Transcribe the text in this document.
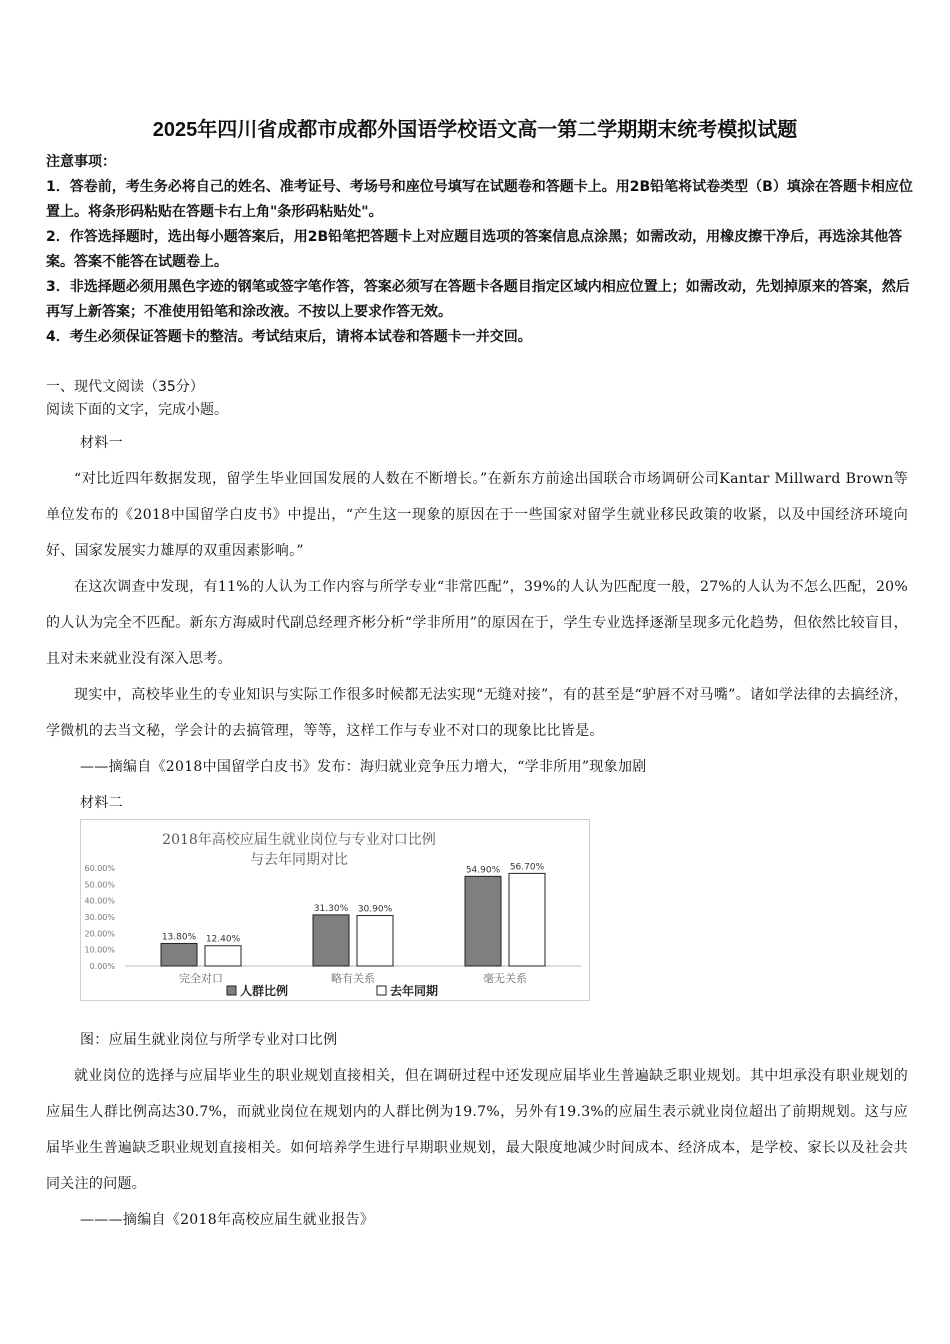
2025年四川省成都市成都外国语学校语文高一第二学期期末统考模拟试题

注意事项：

1．答卷前，考生务必将自己的姓名、准考证号、考场号和座位号填写在试题卷和答题卡上。用2B铅笔将试卷类型（B）填涂在答题卡相应位置上。将条形码粘贴在答题卡右上角"条形码粘贴处"。

2．作答选择题时，选出每小题答案后，用2B铅笔把答题卡上对应题目选项的答案信息点涂黑；如需改动，用橡皮擦干净后，再选涂其他答案。答案不能答在试题卷上。

3．非选择题必须用黑色字迹的钢笔或签字笔作答，答案必须写在答题卡各题目指定区域内相应位置上；如需改动，先划掉原来的答案，然后再写上新答案；不准使用铅笔和涂改液。不按以上要求作答无效。

4．考生必须保证答题卡的整洁。考试结束后，请将本试卷和答题卡一并交回。

一、现代文阅读（35分）

阅读下面的文字，完成小题。

材料一

“对比近四年数据发现，留学生毕业回国发展的人数在不断增长。”在新东方前途出国联合市场调研公司Kantar Millward Brown等单位发布的《2018中国留学白皮书》中提出，“产生这一现象的原因在于一些国家对留学生就业移民政策的收紧，以及中国经济环境向好、国家发展实力雄厚的双重因素影响。”

在这次调查中发现，有11%的人认为工作内容与所学专业“非常匹配”，39%的人认为匹配度一般，27%的人认为不怎么匹配，20%的人认为完全不匹配。新东方海威时代副总经理齐彬分析“学非所用”的原因在于，学生专业选择逐渐呈现多元化趋势，但依然比较盲目，且对未来就业没有深入思考。

现实中，高校毕业生的专业知识与实际工作很多时候都无法实现“无缝对接”，有的甚至是“驴唇不对马嘴”。诸如学法律的去搞经济，学微机的去当文秘，学会计的去搞管理，等等，这样工作与专业不对口的现象比比皆是。

——摘编自《2018中国留学白皮书》发布：海归就业竞争压力增大，“学非所用”现象加剧

材料二

2018年高校应届生就业岗位与专业对口比例
与去年同期对比
0.00%
10.00%
20.00%
30.00%
40.00%
50.00%
60.00%
13.80% 12.40%
完全对口
31.30% 30.90%
略有关系
54.90% 56.70%
毫无关系
人群比例	去年同期

图：应届生就业岗位与所学专业对口比例

就业岗位的选择与应届毕业生的职业规划直接相关，但在调研过程中还发现应届毕业生普遍缺乏职业规划。其中坦承没有职业规划的应届生人群比例高达30.7%，而就业岗位在规划内的人群比例为19.7%，另外有19.3%的应届生表示就业岗位超出了前期规划。这与应届毕业生普遍缺乏职业规划直接相关。如何培养学生进行早期职业规划，最大限度地减少时间成本、经济成本，是学校、家长以及社会共同关注的问题。

———摘编自《2018年高校应届生就业报告》
